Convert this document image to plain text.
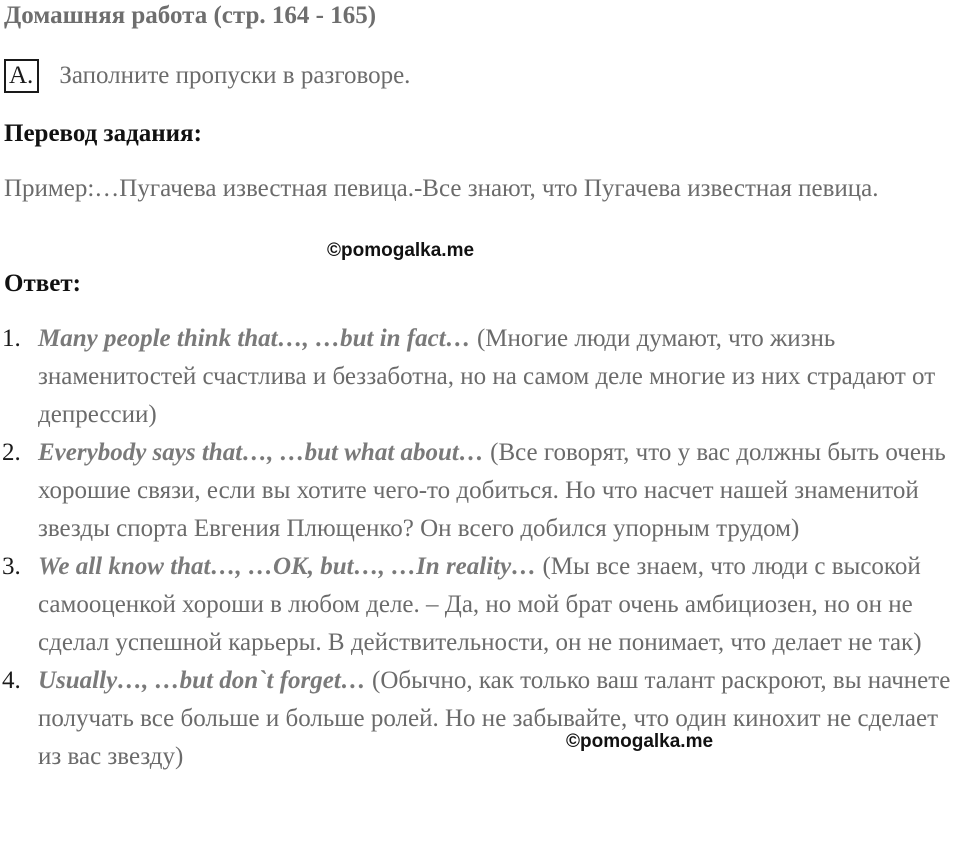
Домашняя работа (стр. 164 - 165)
A. Заполните пропуски в разговоре.
Перевод задания:
Пример:…Пугачева известная певица.-Все знают, что Пугачева известная певица.
©pomogalka.me
Ответ:
1. Many people think that…, …but in fact… (Многие люди думают, что жизнь знаменитостей счастлива и беззаботна, но на самом деле многие из них страдают от депрессии)
2. Everybody says that…, …but what about… (Все говорят, что у вас должны быть очень хорошие связи, если вы хотите чего-то добиться. Но что насчет нашей знаменитой звезды спорта Евгения Плющенко? Он всего добился упорным трудом)
3. We all know that…, …OK, but…, …In reality… (Мы все знаем, что люди с высокой самооценкой хороши в любом деле. – Да, но мой брат очень амбициозен, но он не сделал успешной карьеры. В действительности, он не понимает, что делает не так)
4. Usually…, …but don`t forget… (Обычно, как только ваш талант раскроют, вы начнете получать все больше и больше ролей. Но не забывайте, что один кинохит не сделает из вас звезду)
©pomogalka.me
